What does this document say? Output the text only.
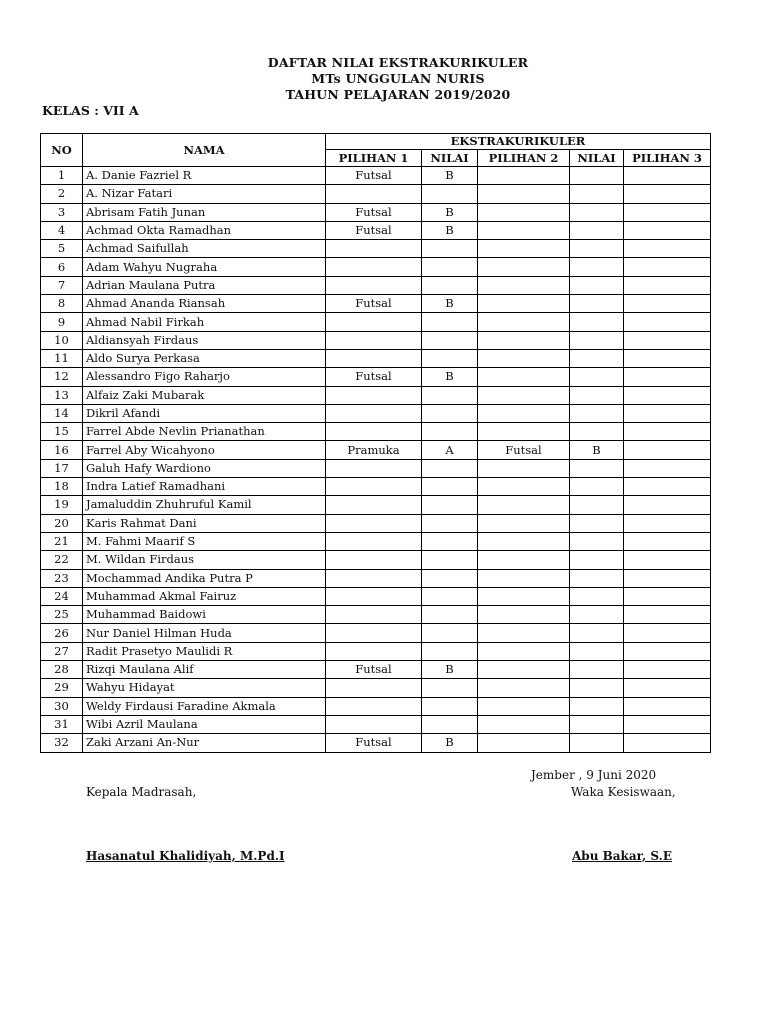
DAFTAR NILAI EKSTRAKURIKULER
MTs UNGGULAN NURIS
TAHUN PELAJARAN 2019/2020
KELAS : VII A
NO	NAMA	EKSTRAKURIKULER				
		PILIHAN 1	NILAI	PILIHAN 2	NILAI	PILIHAN 3
1	A. Danie Fazriel R	Futsal	B			
2	A. Nizar Fatari					
3	Abrisam Fatih Junan	Futsal	B			
4	Achmad Okta Ramadhan	Futsal	B			
5	Achmad Saifullah					
6	Adam Wahyu Nugraha					
7	Adrian Maulana Putra					
8	Ahmad Ananda Riansah	Futsal	B			
9	Ahmad Nabil Firkah					
10	Aldiansyah Firdaus					
11	Aldo Surya Perkasa					
12	Alessandro Figo Raharjo	Futsal	B			
13	Alfaiz Zaki Mubarak					
14	Dikril Afandi					
15	Farrel Abde Nevlin Prianathan					
16	Farrel Aby Wicahyono	Pramuka	A	Futsal	B	
17	Galuh Hafy Wardiono					
18	Indra Latief Ramadhani					
19	Jamaluddin Zhuhruful Kamil					
20	Karis Rahmat Dani					
21	M. Fahmi Maarif S					
22	M. Wildan Firdaus					
23	Mochammad Andika Putra P					
24	Muhammad Akmal Fairuz					
25	Muhammad Baidowi					
26	Nur Daniel Hilman Huda					
27	Radit Prasetyo Maulidi R					
28	Rizqi Maulana Alif	Futsal	B			
29	Wahyu Hidayat					
30	Weldy Firdausi Faradine Akmala					
31	Wibi Azril Maulana					
32	Zaki Arzani An-Nur	Futsal	B			
Jember , 9 Juni 2020
Kepala Madrasah,	Waka Kesiswaan,
Hasanatul Khalidiyah, M.Pd.I	Abu Bakar, S.E
